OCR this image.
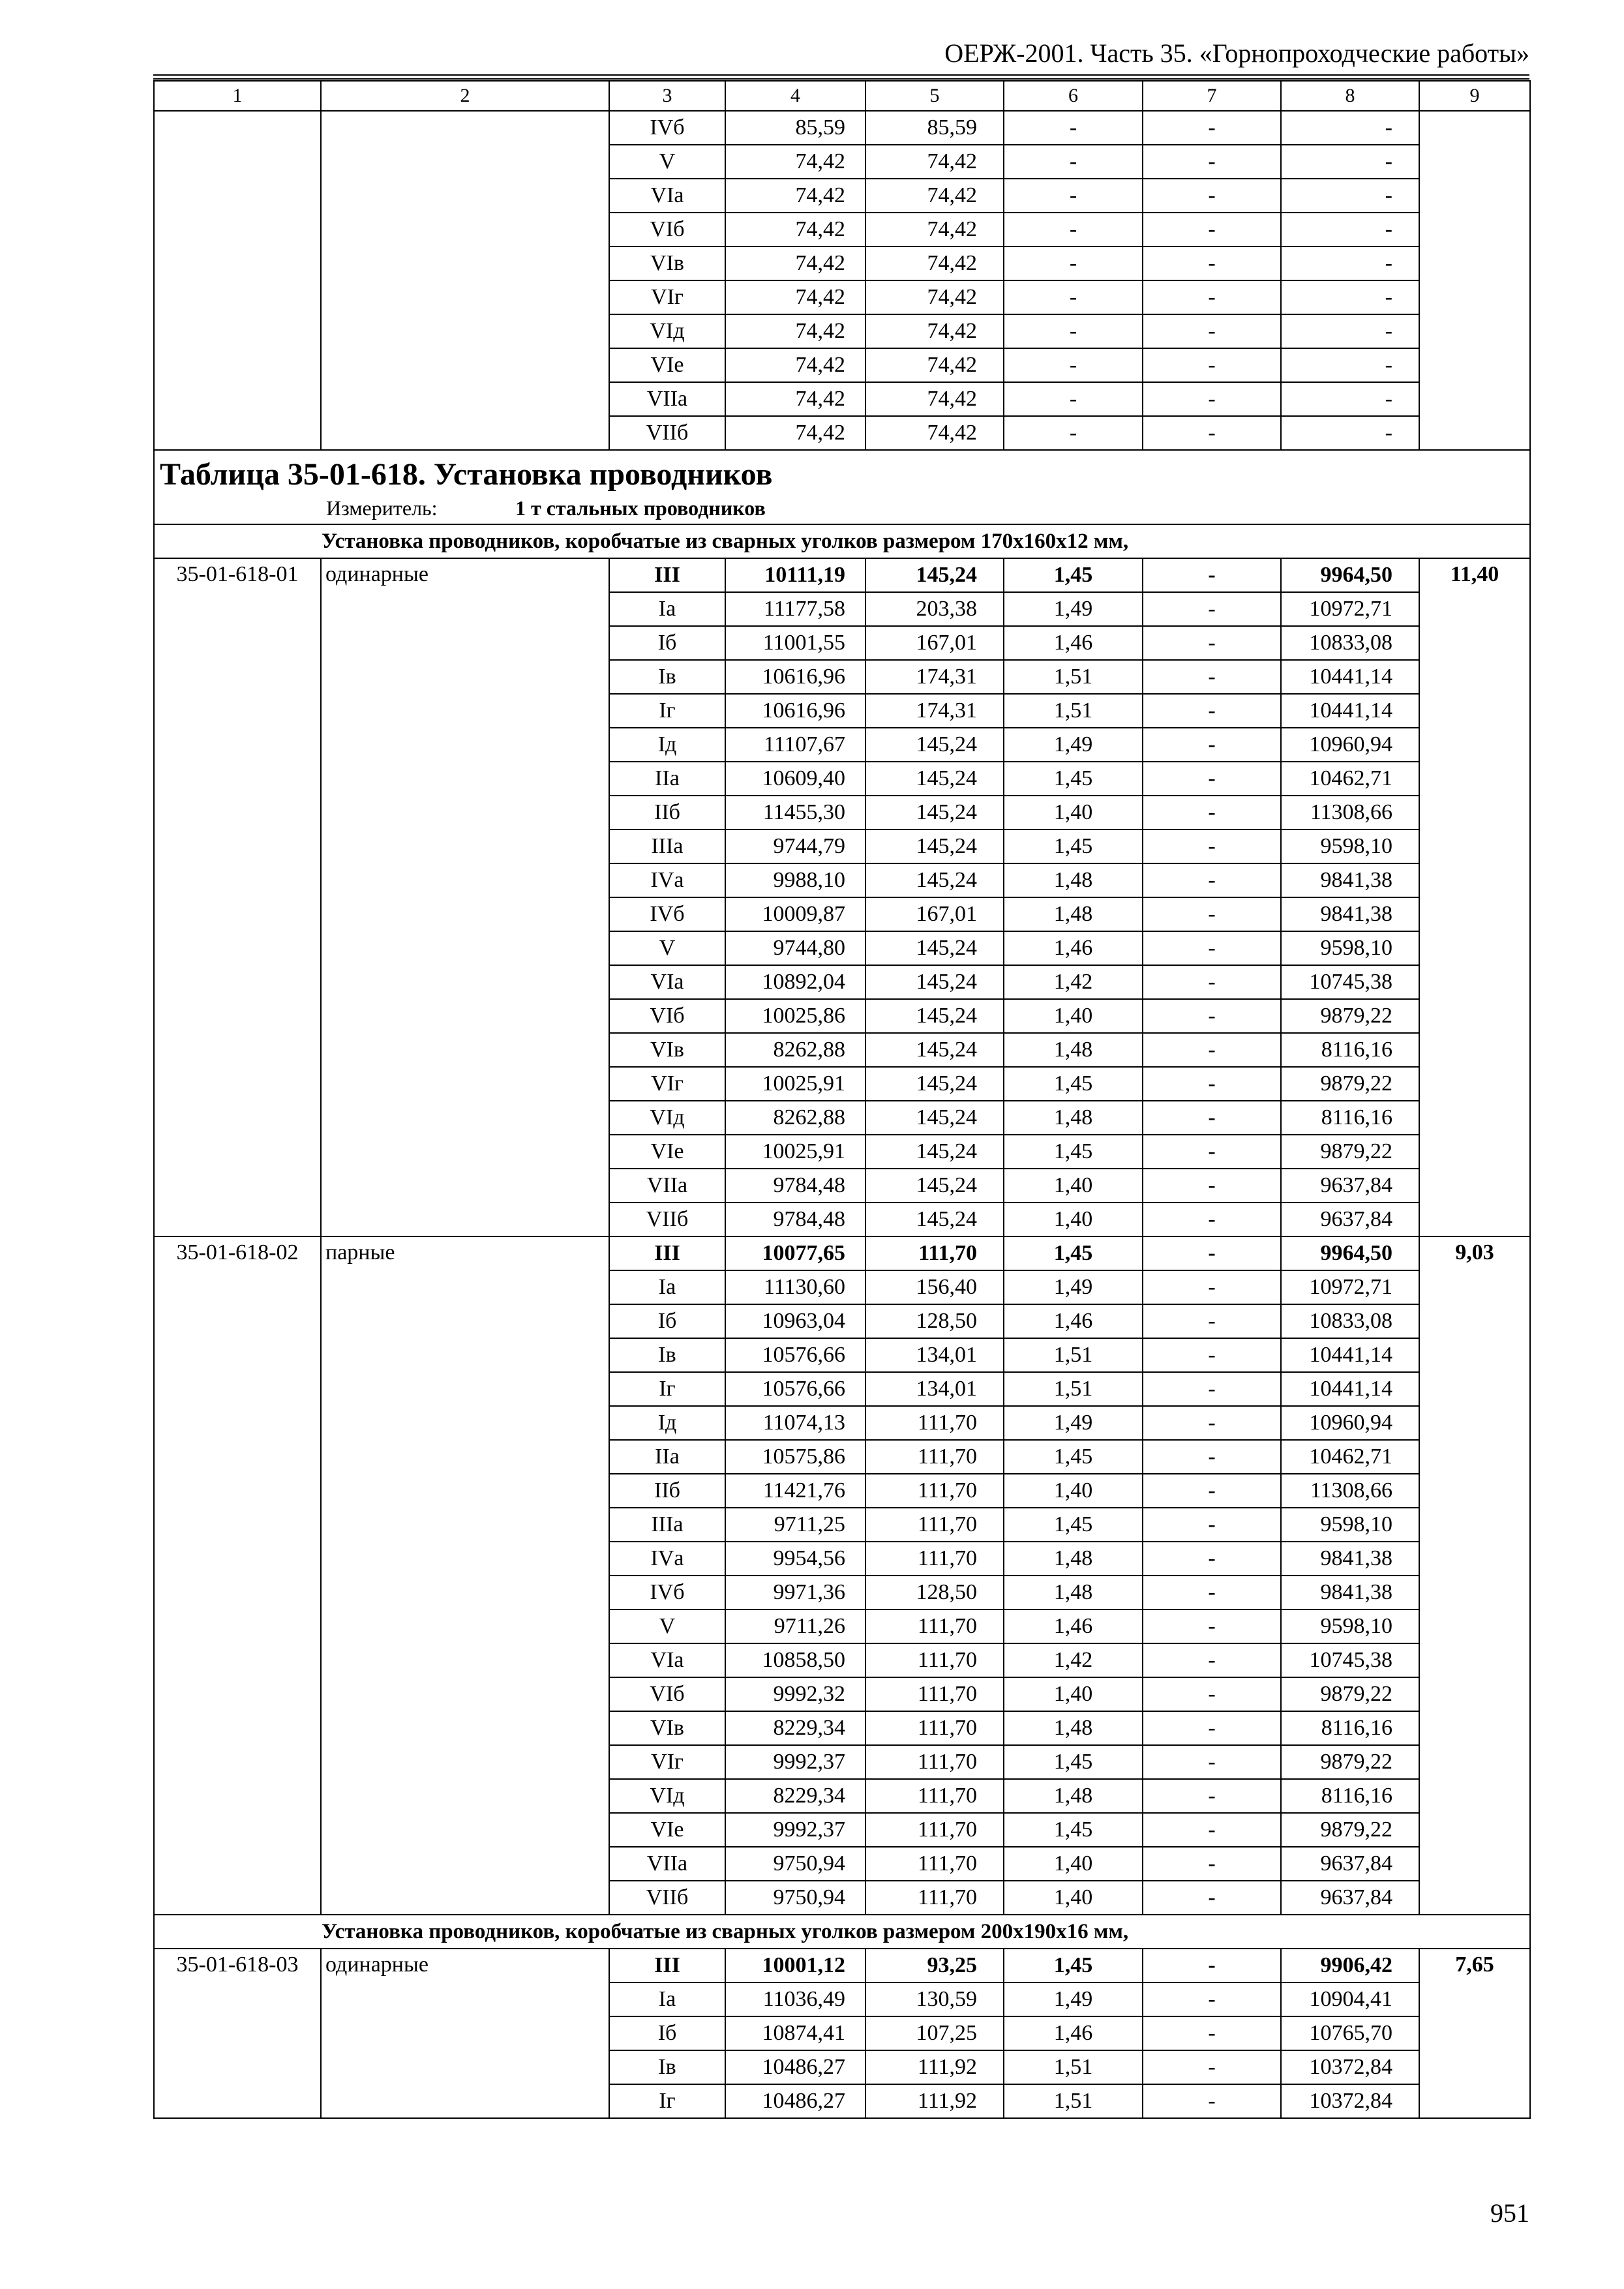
ОЕРЖ-2001. Часть 35. «Горнопроходческие работы»
1	2	3	4	5	6	7	8	9
		IVб	85,59	85,59	-	-	-	
		V	74,42	74,42	-	-	-	
		VIа	74,42	74,42	-	-	-	
		VIб	74,42	74,42	-	-	-	
		VIв	74,42	74,42	-	-	-	
		VIг	74,42	74,42	-	-	-	
		VIд	74,42	74,42	-	-	-	
		VIе	74,42	74,42	-	-	-	
		VIIа	74,42	74,42	-	-	-	
		VIIб	74,42	74,42	-	-	-	

Таблица 35-01-618. Установка проводников
Измеритель: 1 т стальных проводников								

Установка проводников, коробчатые из сварных уголков размером 170х160х12 мм,								
35-01-618-01	одинарные	III	10111,19	145,24	1,45	-	9964,50	11,40
		Iа	11177,58	203,38	1,49	-	10972,71	
		Iб	11001,55	167,01	1,46	-	10833,08	
		Iв	10616,96	174,31	1,51	-	10441,14	
		Iг	10616,96	174,31	1,51	-	10441,14	
		Iд	11107,67	145,24	1,49	-	10960,94	
		IIа	10609,40	145,24	1,45	-	10462,71	
		IIб	11455,30	145,24	1,40	-	11308,66	
		IIIа	9744,79	145,24	1,45	-	9598,10	
		IVа	9988,10	145,24	1,48	-	9841,38	
		IVб	10009,87	167,01	1,48	-	9841,38	
		V	9744,80	145,24	1,46	-	9598,10	
		VIа	10892,04	145,24	1,42	-	10745,38	
		VIб	10025,86	145,24	1,40	-	9879,22	
		VIв	8262,88	145,24	1,48	-	8116,16	
		VIг	10025,91	145,24	1,45	-	9879,22	
		VIд	8262,88	145,24	1,48	-	8116,16	
		VIе	10025,91	145,24	1,45	-	9879,22	
		VIIа	9784,48	145,24	1,40	-	9637,84	
		VIIб	9784,48	145,24	1,40	-	9637,84	
35-01-618-02	парные	III	10077,65	111,70	1,45	-	9964,50	9,03
		Iа	11130,60	156,40	1,49	-	10972,71	
		Iб	10963,04	128,50	1,46	-	10833,08	
		Iв	10576,66	134,01	1,51	-	10441,14	
		Iг	10576,66	134,01	1,51	-	10441,14	
		Iд	11074,13	111,70	1,49	-	10960,94	
		IIа	10575,86	111,70	1,45	-	10462,71	
		IIб	11421,76	111,70	1,40	-	11308,66	
		IIIа	9711,25	111,70	1,45	-	9598,10	
		IVа	9954,56	111,70	1,48	-	9841,38	
		IVб	9971,36	128,50	1,48	-	9841,38	
		V	9711,26	111,70	1,46	-	9598,10	
		VIа	10858,50	111,70	1,42	-	10745,38	
		VIб	9992,32	111,70	1,40	-	9879,22	
		VIв	8229,34	111,70	1,48	-	8116,16	
		VIг	9992,37	111,70	1,45	-	9879,22	
		VIд	8229,34	111,70	1,48	-	8116,16	
		VIе	9992,37	111,70	1,45	-	9879,22	
		VIIа	9750,94	111,70	1,40	-	9637,84	
		VIIб	9750,94	111,70	1,40	-	9637,84	
Установка проводников, коробчатые из сварных уголков размером 200х190х16 мм,								
35-01-618-03	одинарные	III	10001,12	93,25	1,45	-	9906,42	7,65
		Iа	11036,49	130,59	1,49	-	10904,41	
		Iб	10874,41	107,25	1,46	-	10765,70	
		Iв	10486,27	111,92	1,51	-	10372,84	
		Iг	10486,27	111,92	1,51	-	10372,84	
951
